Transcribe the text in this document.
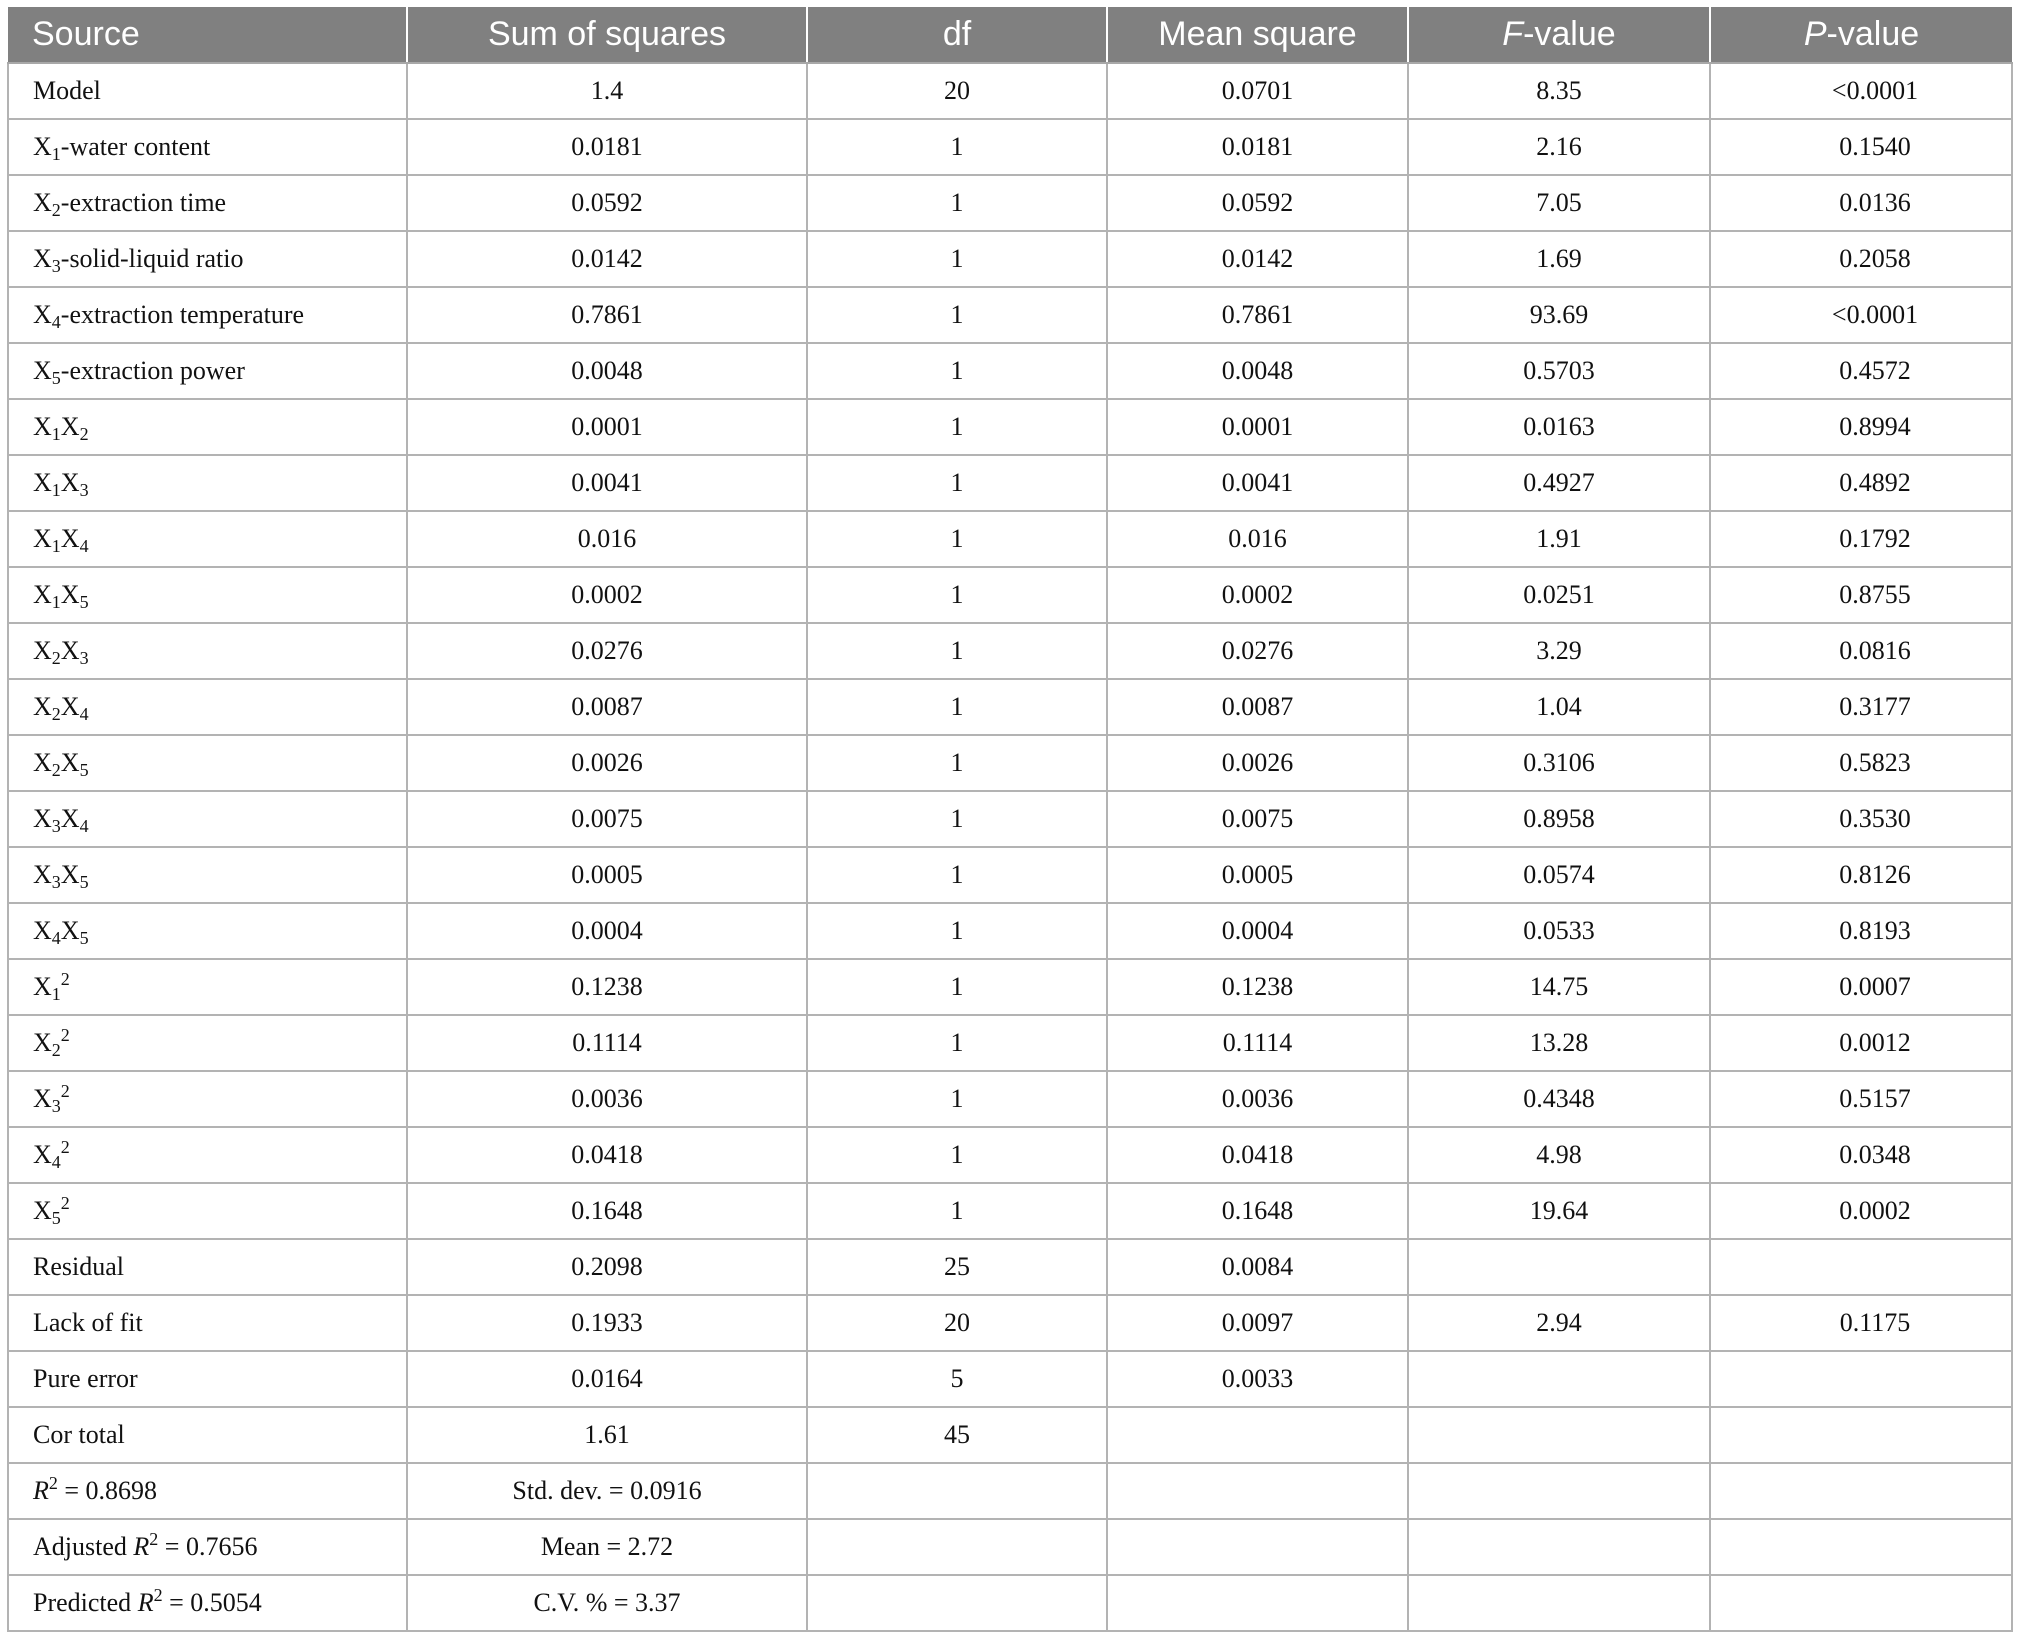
Source	Sum of squares	df	Mean square	F-value	P-value
Model	1.4	20	0.0701	8.35	<0.0001
$X_1$-water content	0.0181	1	0.0181	2.16	0.1540
$X_2$-extraction time	0.0592	1	0.0592	7.05	0.0136
$X_3-solid$-liquid ratio	0.0142	1	0.0142	1.69	0.2058
$X_4$-extraction temperature	0.7861	1	0.7861	93.69	<0.0001
$X_5$-extraction power	0.0048	1	0.0048	0.5703	0.4572
$X_1X_2$	0.0001	1	0.0001	0.0163	0.8994
$X_1X_3$	0.0041	1	0.0041	0.4927	0.4892
$X_1X_4$	0.016	1	0.016	1.91	0.1792
$X_1X_5$	0.0002	1	0.0002	0.0251	0.8755
$X_2X_3$	0.0276	1	0.0276	3.29	0.0816
$X_2X_4$	0.0087	1	0.0087	1.04	0.3177
$X_2X_5$	0.0026	1	0.0026	0.3106	0.5823
$X_3X_4$	0.0075	1	0.0075	0.8958	0.3530
$X_3X_5$	0.0005	1	0.0005	0.0574	0.8126
$X_4X_5$	0.0004	1	0.0004	0.0533	0.8193
$X_1^2$	0.1238	1	0.1238	14.75	0.0007
$X_2^2$	0.1114	1	0.1114	13.28	0.0012
$X_3^2$	0.0036	1	0.0036	0.4348	0.5157
$X_4^2$	0.0418	1	0.0418	4.98	0.0348
$X_5^2$	0.1648	1	0.1648	19.64	0.0002
Residual	0.2098	25	0.0084		
Lack of fit	0.1933	20	0.0097	2.94	0.1175
Pure error	0.0164	5	0.0033		
Cor total	1.61	45			
$R^2 = 0.8698$	Std. dev. = 0.0916				
Adjusted $R^2 = 0.7656$	Mean = 2.72				
Predicted $R^2 = 0.5054$	C.V. % = 3.37				
